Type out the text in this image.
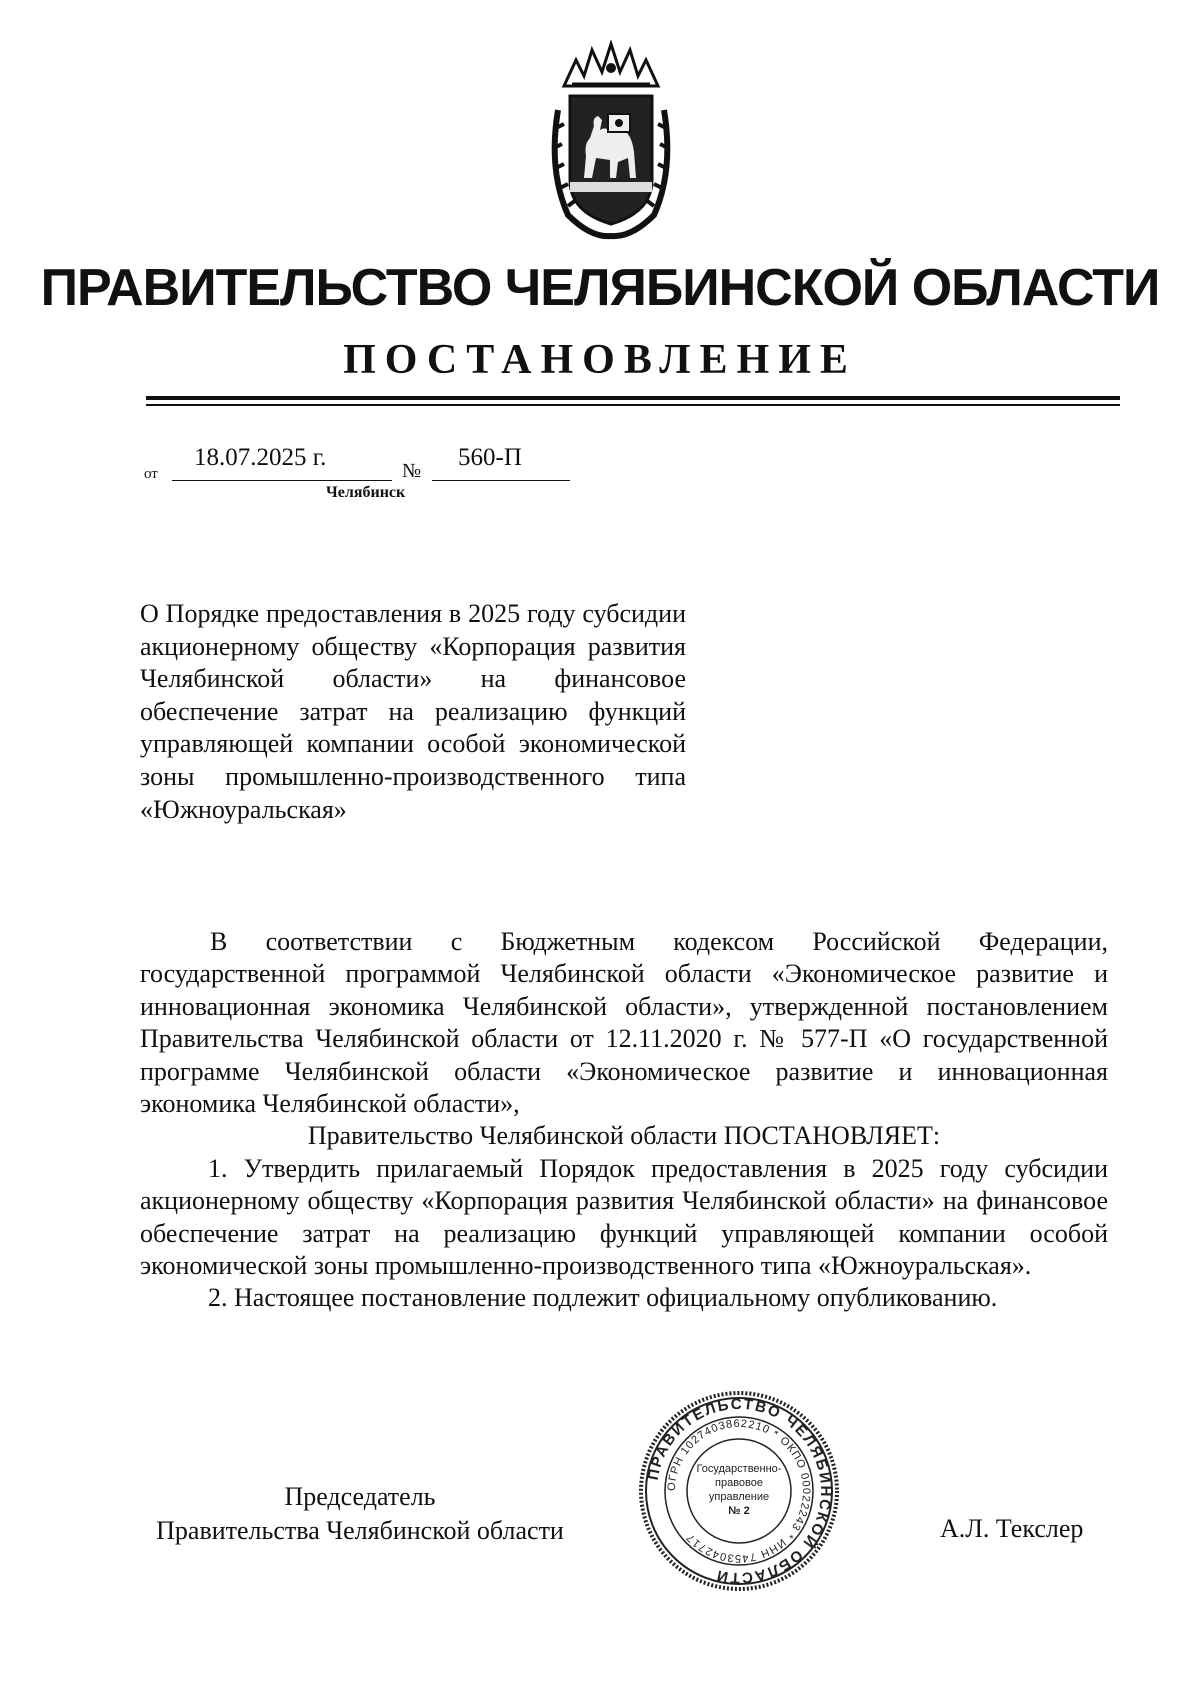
ПРАВИТЕЛЬСТВО ЧЕЛЯБИНСКОЙ ОБЛАСТИ
ПОСТАНОВЛЕНИЕ
от
18.07.2025 г.	№ 560-П
Челябинск
О Порядке предоставления в 2025 году субсидии акционерному обществу «Корпорация развития Челябинской области» на финансовое обеспечение затрат на реализацию функций управляющей компании особой экономической зоны промышленно-производственного типа «Южноуральская»

В соответствии с Бюджетным кодексом Российской Федерации, государственной программой Челябинской области «Экономическое развитие и инновационная экономика Челябинской области», утвержденной постановлением Правительства Челябинской области от 12.11.2020 г. № 577-П «О государственной программе Челябинской области «Экономическое развитие и инновационная экономика Челябинской области»,

Правительство Челябинской области ПОСТАНОВЛЯЕТ:

1. Утвердить прилагаемый Порядок предоставления в 2025 году субсидии акционерному обществу «Корпорация развития Челябинской области» на финансовое обеспечение затрат на реализацию функций управляющей компании особой экономической зоны промышленно-производственного типа «Южноуральская».

2. Настоящее постановление подлежит официальному опубликованию.

Председатель
Правительства Челябинской области
ПРАВИТЕЛЬСТВО ЧЕЛЯБИНСКОЙ ОБЛАСТИ
ОГРН 1027403862210 * ОКПО 00022243 * ИНН 7453042717
Государственно-
правовое
управление
№ 2
А.Л. Текслер
